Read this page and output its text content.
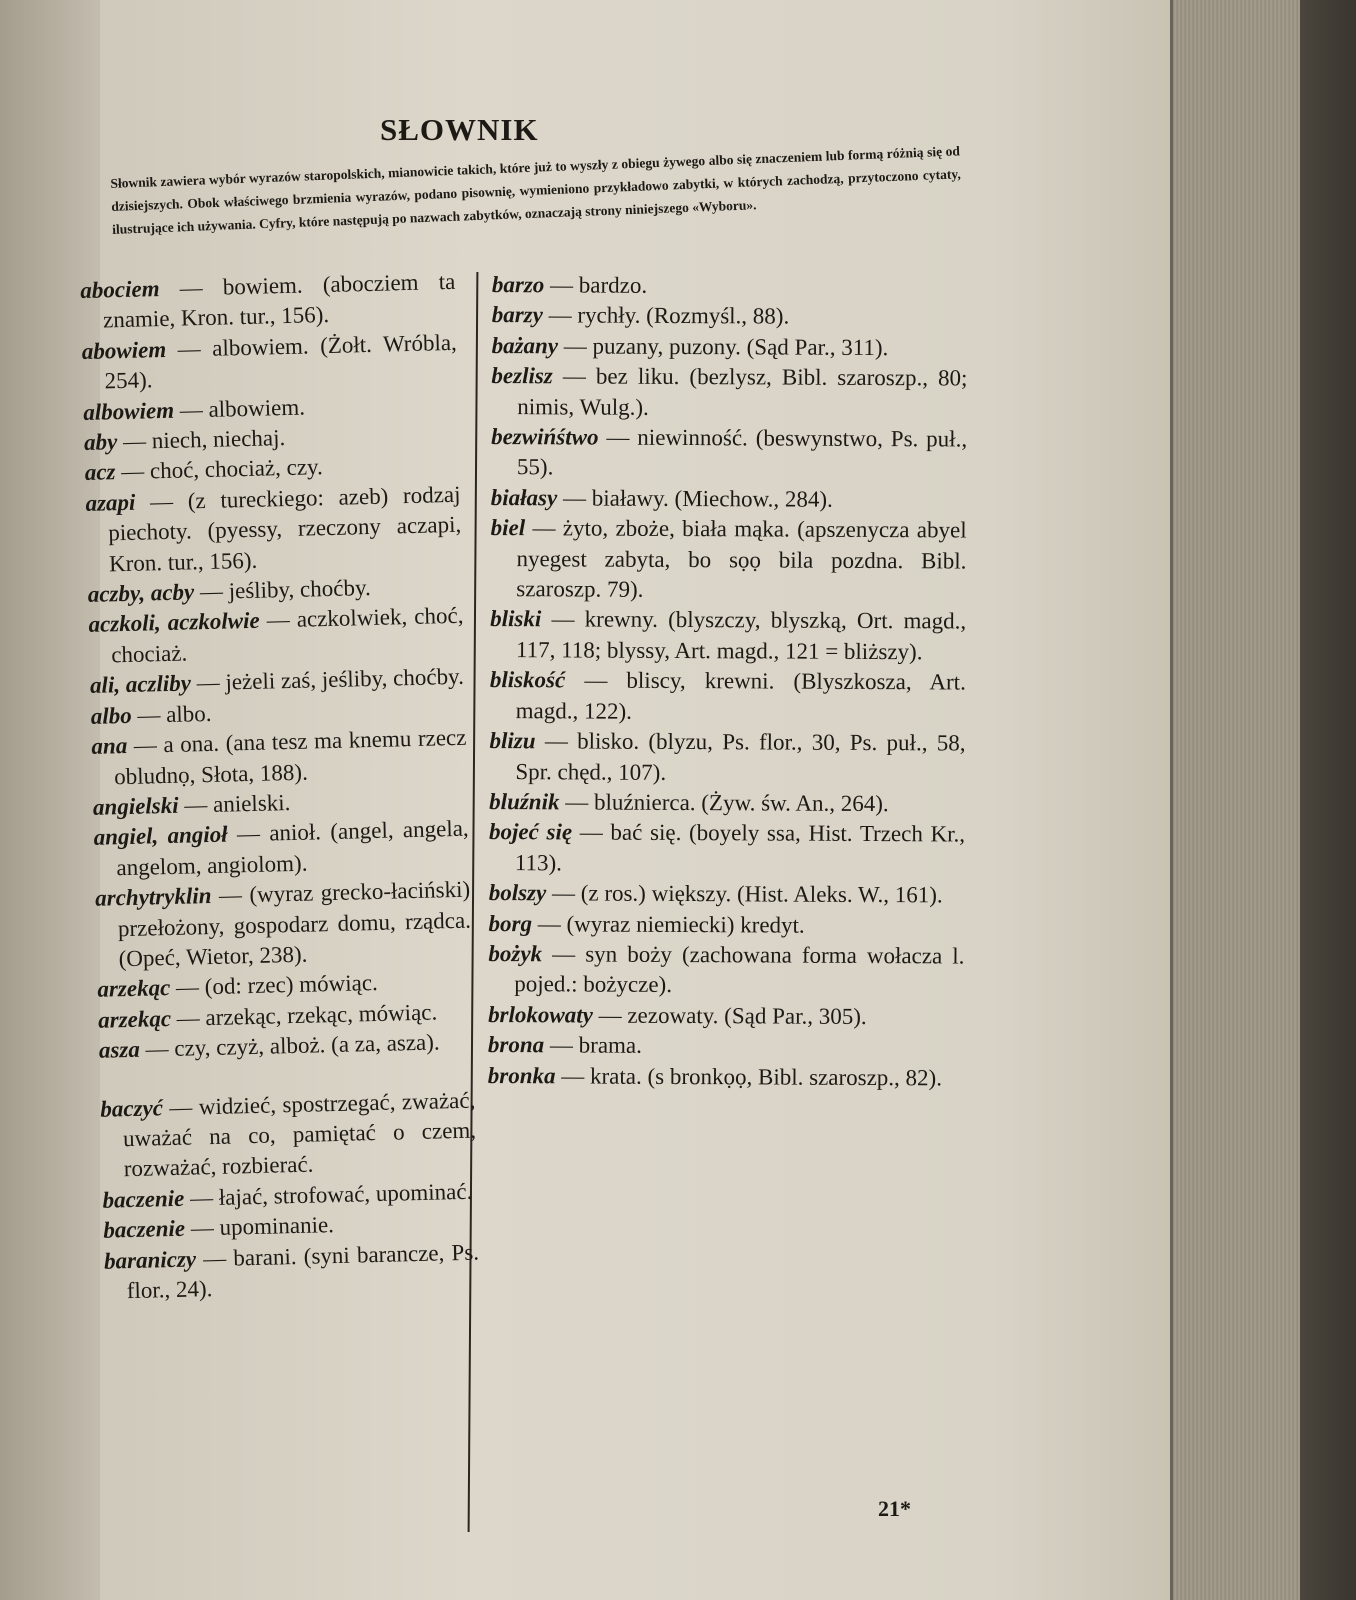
SŁOWNIK
Słownik zawiera wybór wyrazów staropolskich, mianowicie takich, które już to wyszły z obiegu żywego albo się znaczeniem lub formą różnią się od dzisiejszych. Obok właściwego brzmienia wyrazów, podano pisownię, wymieniono przykładowo zabytki, w których zachodzą, przytoczono cytaty, ilustrujące ich używania. Cyfry, które następują po nazwach zabytków, oznaczają strony niniejszego «Wyboru».

abociem — bowiem. (abocziem ta znamie, Kron. tur., 156).

abowiem — albowiem. (Żołt. Wróbla, 254).

albowiem — albowiem.

aby — niech, niechaj.

acz — choć, chociaż, czy.

azapi — (z tureckiego: azeb) rodzaj piechoty. (pyessy, rzeczony aczapi, Kron. tur., 156).

aczby, acby — jeśliby, choćby.

aczkoli, aczkolwie — aczkolwiek, choć, chociaż.

ali, aczliby — jeżeli zaś, jeśliby, choćby.

albo — albo.

ana — a ona. (ana tesz ma knemu rzecz obludnọ, Słota, 188).

angielski — anielski.

angiel, angioł — anioł. (angel, angela, angelom, angiolom).

archytryklin — (wyraz grecko-łaciński) przełożony, gospodarz domu, rządca. (Opeć, Wietor, 238).

arzekąc — (od: rzec) mówiąc.

arzekąc — arzekąc, rzekąc, mówiąc.

asza — czy, czyż, alboż. (a za, asza).

baczyć — widzieć, spostrzegać, zważać, uważać na co, pamiętać o czem, rozważać, rozbierać.

baczenie — łajać, strofować, upominać.

baczenie — upominanie.

baraniczy — barani. (syni barancze, Ps. flor., 24).

barzo — bardzo.

barzy — rychły. (Rozmyśl., 88).

bażany — puzany, puzony. (Sąd Par., 311).

bezlisz — bez liku. (bezlysz, Bibl. szaroszp., 80; nimis, Wulg.).

bezwińśtwo — niewinność. (beswynstwo, Ps. puł., 55).

białasy — białawy. (Miechow., 284).

biel — żyto, zboże, biała mąka. (apszenycza abyel nyegest zabyta, bo sọọ bila pozdna. Bibl. szaroszp. 79).

bliski — krewny. (blyszczy, blyszką, Ort. magd., 117, 118; blyssy, Art. magd., 121 = bliższy).

bliskość — bliscy, krewni. (Blyszkosza, Art. magd., 122).

blizu — blisko. (blyzu, Ps. flor., 30, Ps. puł., 58, Spr. chęd., 107).

bluźnik — bluźnierca. (Żyw. św. An., 264).

bojeć się — bać się. (boyely ssa, Hist. Trzech Kr., 113).

bolszy — (z ros.) większy. (Hist. Aleks. W., 161).

borg — (wyraz niemiecki) kredyt.

bożyk — syn boży (zachowana forma wołacza l. pojed.: bożycze).

brlokowaty — zezowaty. (Sąd Par., 305).

brona — brama.

bronka — krata. (s bronkọọ, Bibl. szaroszp., 82).

21*
